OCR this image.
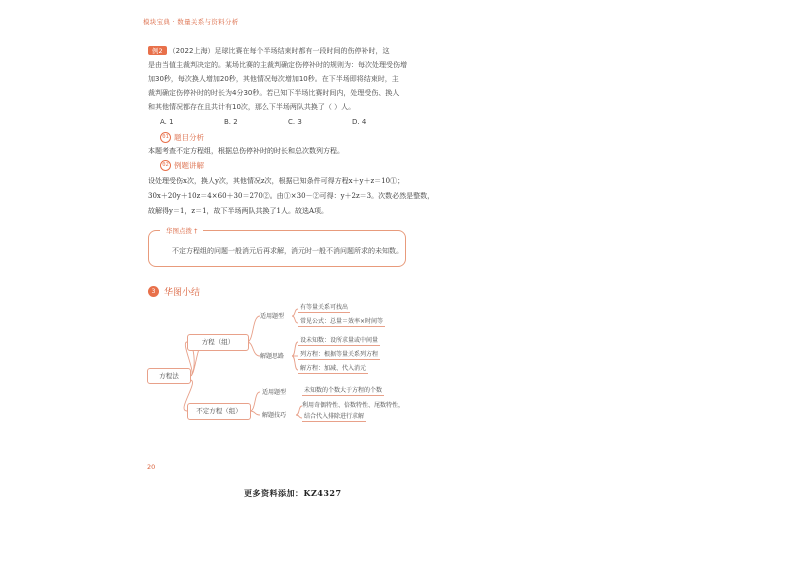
模块宝典 · 数量关系与资料分析
例2 （2022上海）足球比赛在每个半场结束时都有一段时间的伤停补时，这
是由当值主裁判决定的。某场比赛的主裁判确定伤停补时的规则为：每次处理受伤增
加30秒，每次换人增加20秒，其他情况每次增加10秒。在下半场即将结束时，主
裁判确定伤停补时的时长为4分30秒。若已知下半场比赛时间内，处理受伤、换人
和其他情况都存在且共计有10次，那么下半场两队共换了（ ）人。
A. 1	B. 2	C. 3	D. 4
01 题目分析
本题考查不定方程组，根据总伤停补时的时长和总次数列方程。
02 例题讲解
设处理受伤x次，换人y次，其他情况z次，根据已知条件可得方程x＋y＋z＝10①；
30x＋20y＋10z＝4×60＋30＝270②。由①×30－②可得：y＋2z＝3。次数必然是整数，
故解得y＝1，z＝1，故下半场两队共换了1人。故选A项。
华图点拨 †
不定方程组的问题一般消元后再求解，消元时一般不消问题所求的未知数。
3 华图小结
方程法
方程（组）
不定方程（组）
适用题型
解题思路
适用题型
解题技巧
有等量关系可找出
常见公式：总量＝效率×时间等
设未知数：设所求量或中间量
列方程：根据等量关系列方程
解方程：加减、代入消元
未知数的个数大于方程的个数
利用奇偶特性、倍数特性、尾数特性，
结合代入排除进行求解
20
更多资料添加：KZ4327
